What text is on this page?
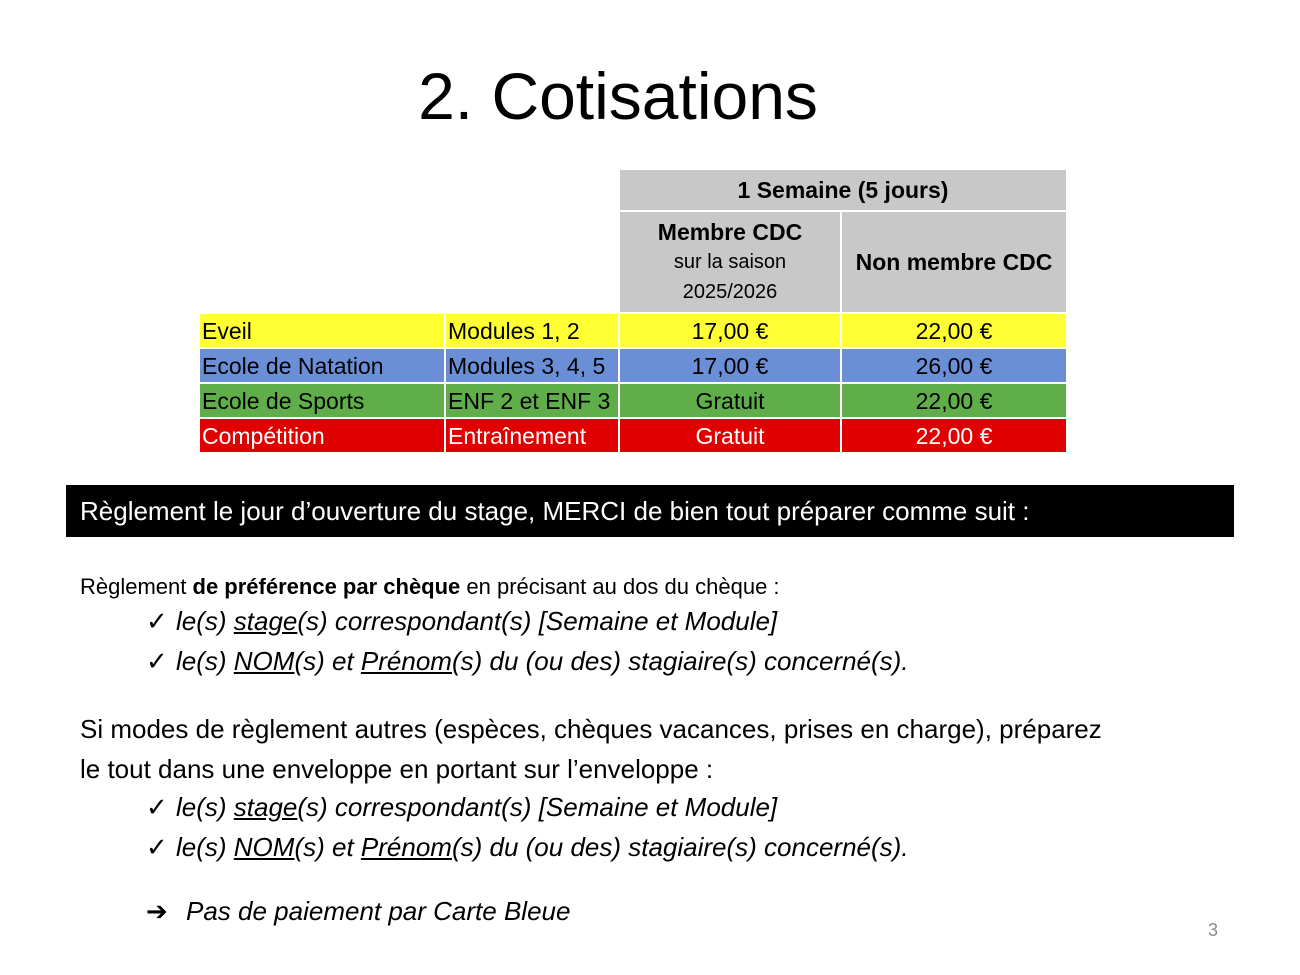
2. Cotisations
		1 Semaine (5 jours)	
		Membre CDC
sur la saison
2025/2026	Non membre CDC
Eveil	Modules 1, 2	17,00 €	22,00 €
Ecole de Natation	Modules 3, 4, 5	17,00 €	26,00 €
Ecole de Sports	ENF 2 et ENF 3	Gratuit	22,00 €
Compétition	Entraînement	Gratuit	22,00 €
Règlement le jour d’ouverture du stage, MERCI de bien tout préparer comme suit :
Règlement de préférence par chèque en précisant au dos du chèque :
✓ le(s) stage(s) correspondant(s) [Semaine et Module]
✓ le(s) NOM(s) et Prénom(s) du (ou des) stagiaire(s) concerné(s).
Si modes de règlement autres (espèces, chèques vacances, prises en charge), préparez
le tout dans une enveloppe en portant sur l’enveloppe :
✓ le(s) stage(s) correspondant(s) [Semaine et Module]
✓ le(s) NOM(s) et Prénom(s) du (ou des) stagiaire(s) concerné(s).
➔ Pas de paiement par Carte Bleue
3
